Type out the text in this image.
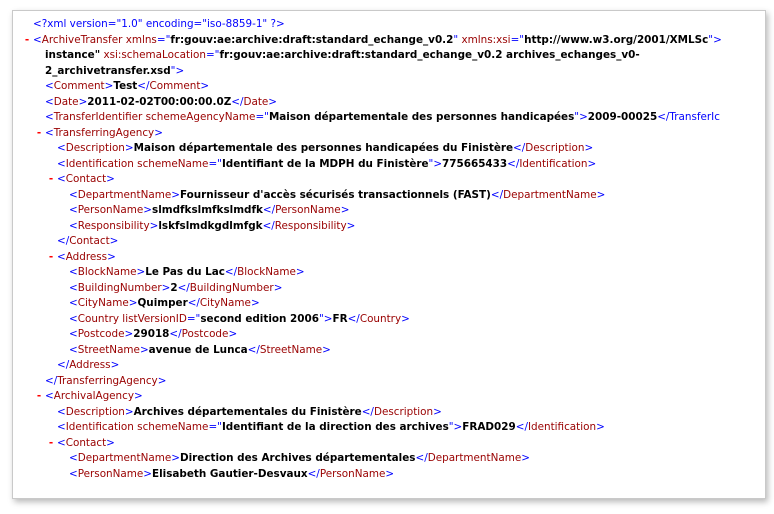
<?xml version="1.0" encoding="iso-8859-1" ?>
- <ArchiveTransfer xmlns="fr:gouv:ae:archive:draft:standard_echange_v0.2" xmlns:xsi="http://www.w3.org/2001/XMLSc">
instance" xsi:schemaLocation="fr:gouv:ae:archive:draft:standard_echange_v0.2 archives_echanges_v0-
2_archivetransfer.xsd">
<Comment>Test</Comment>
<Date>2011-02-02T00:00:00.0Z</Date>
<TransferIdentifier schemeAgencyName="Maison départementale des personnes handicapées">2009-00025</TransferIc
- <TransferringAgency>
<Description>Maison départementale des personnes handicapées du Finistère</Description>
<Identification schemeName="Identifiant de la MDPH du Finistère">775665433</Identification>
- <Contact>
<DepartmentName>Fournisseur d'accès sécurisés transactionnels (FAST)</DepartmentName>
<PersonName>slmdfkslmfkslmdfk</PersonName>
<Responsibility>lskfslmdkgdlmfgk</Responsibility>
</Contact>
- <Address>
<BlockName>Le Pas du Lac</BlockName>
<BuildingNumber>2</BuildingNumber>
<CityName>Quimper</CityName>
<Country listVersionID="second edition 2006">FR</Country>
<Postcode>29018</Postcode>
<StreetName>avenue de Lunca</StreetName>
</Address>
</TransferringAgency>
- <ArchivalAgency>
<Description>Archives départementales du Finistère</Description>
<Identification schemeName="Identifiant de la direction des archives">FRAD029</Identification>
- <Contact>
<DepartmentName>Direction des Archives départementales</DepartmentName>
<PersonName>Elisabeth Gautier-Desvaux</PersonName>
